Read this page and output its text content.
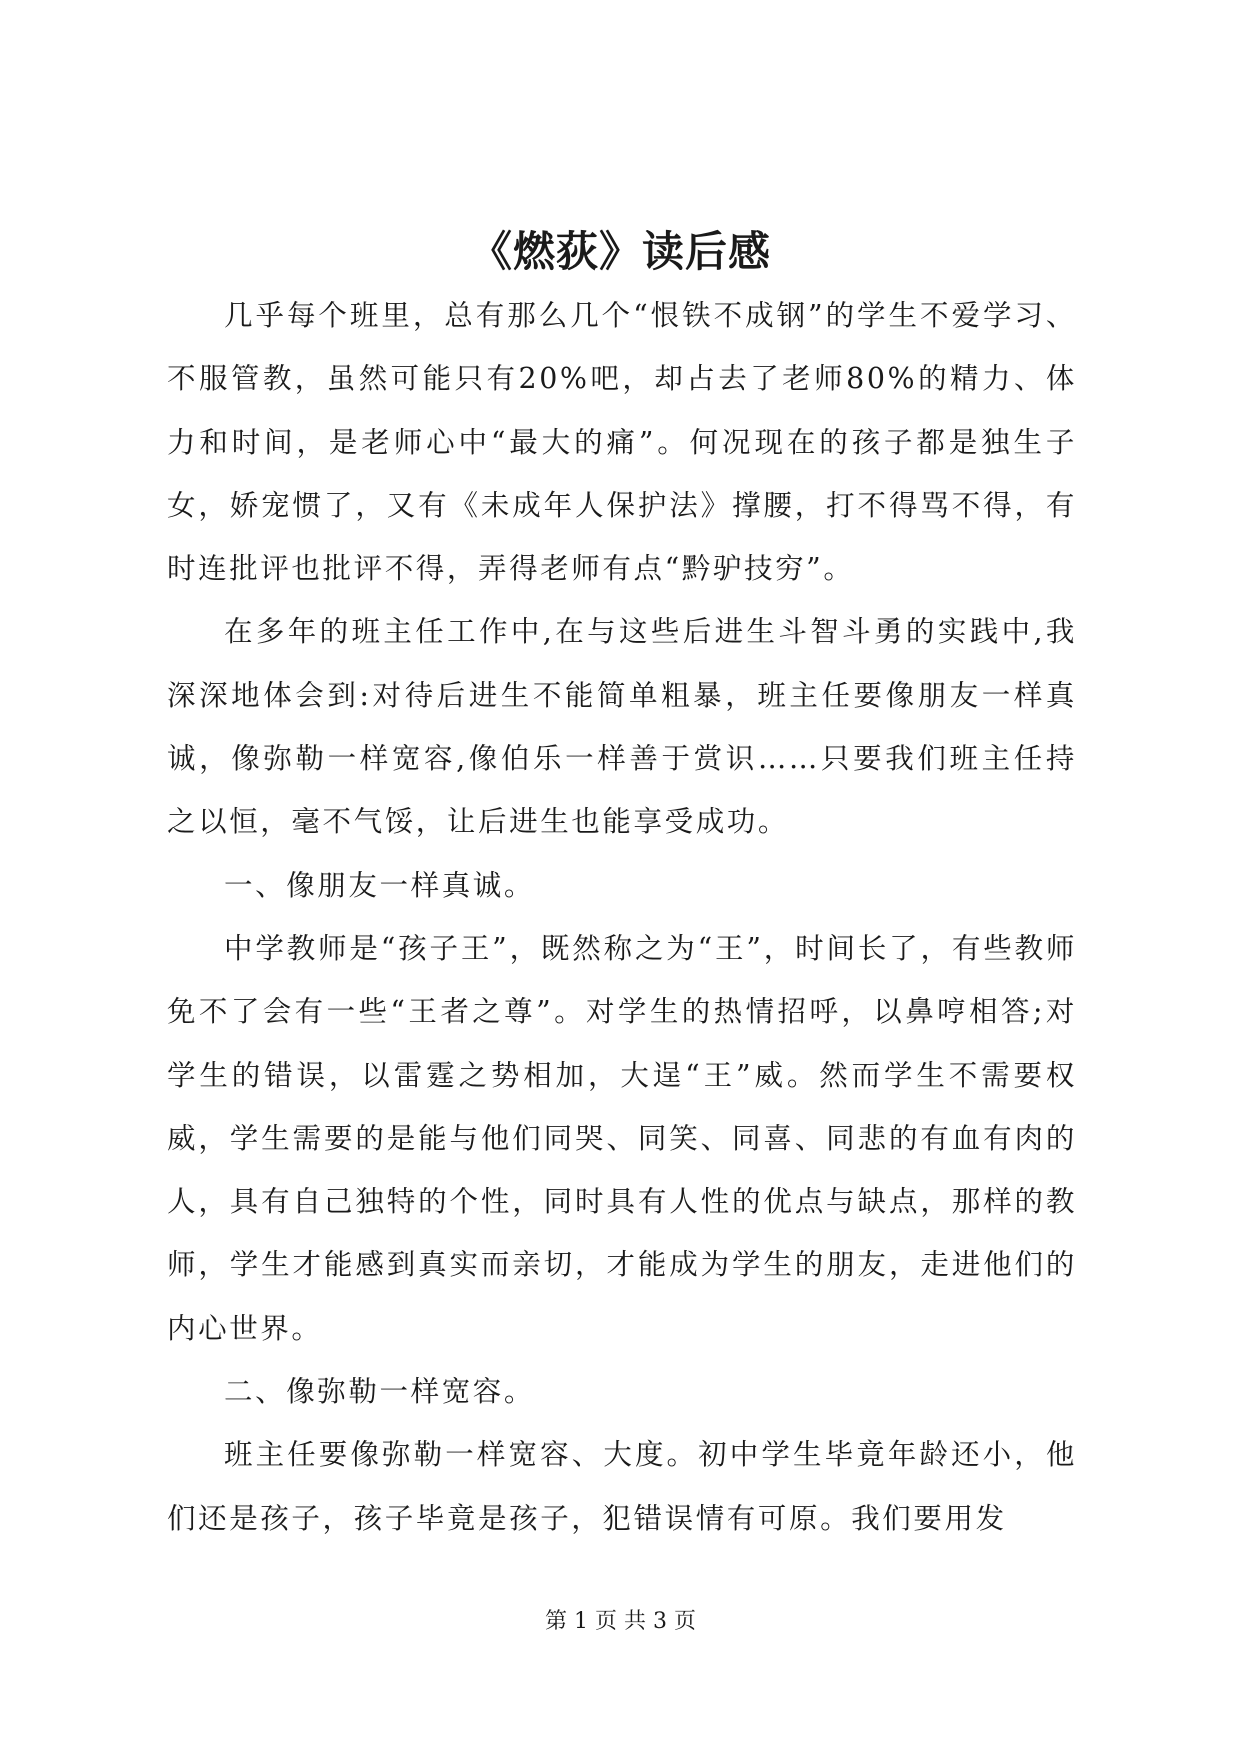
《燃荻》读后感

几乎每个班里，总有那么几个“恨铁不成钢”的学生不爱学习、不服管教，虽然可能只有20%吧，却占去了老师80%的精力、体力和时间，是老师心中“最大的痛”。何况现在的孩子都是独生子女，娇宠惯了，又有《未成年人保护法》撑腰，打不得骂不得，有时连批评也批评不得，弄得老师有点“黔驴技穷”。

在多年的班主任工作中,在与这些后进生斗智斗勇的实践中,我深深地体会到:对待后进生不能简单粗暴，班主任要像朋友一样真诚，像弥勒一样宽容,像伯乐一样善于赏识……只要我们班主任持之以恒，毫不气馁，让后进生也能享受成功。

一、像朋友一样真诚。

中学教师是“孩子王”，既然称之为“王”，时间长了，有些教师免不了会有一些“王者之尊”。对学生的热情招呼，以鼻哼相答;对学生的错误，以雷霆之势相加，大逞“王”威。然而学生不需要权威，学生需要的是能与他们同哭、同笑、同喜、同悲的有血有肉的人，具有自己独特的个性，同时具有人性的优点与缺点，那样的教师，学生才能感到真实而亲切，才能成为学生的朋友，走进他们的内心世界。

二、像弥勒一样宽容。

班主任要像弥勒一样宽容、大度。初中学生毕竟年龄还小，他们还是孩子，孩子毕竟是孩子，犯错误情有可原。我们要用发

第 1 页 共 3 页
